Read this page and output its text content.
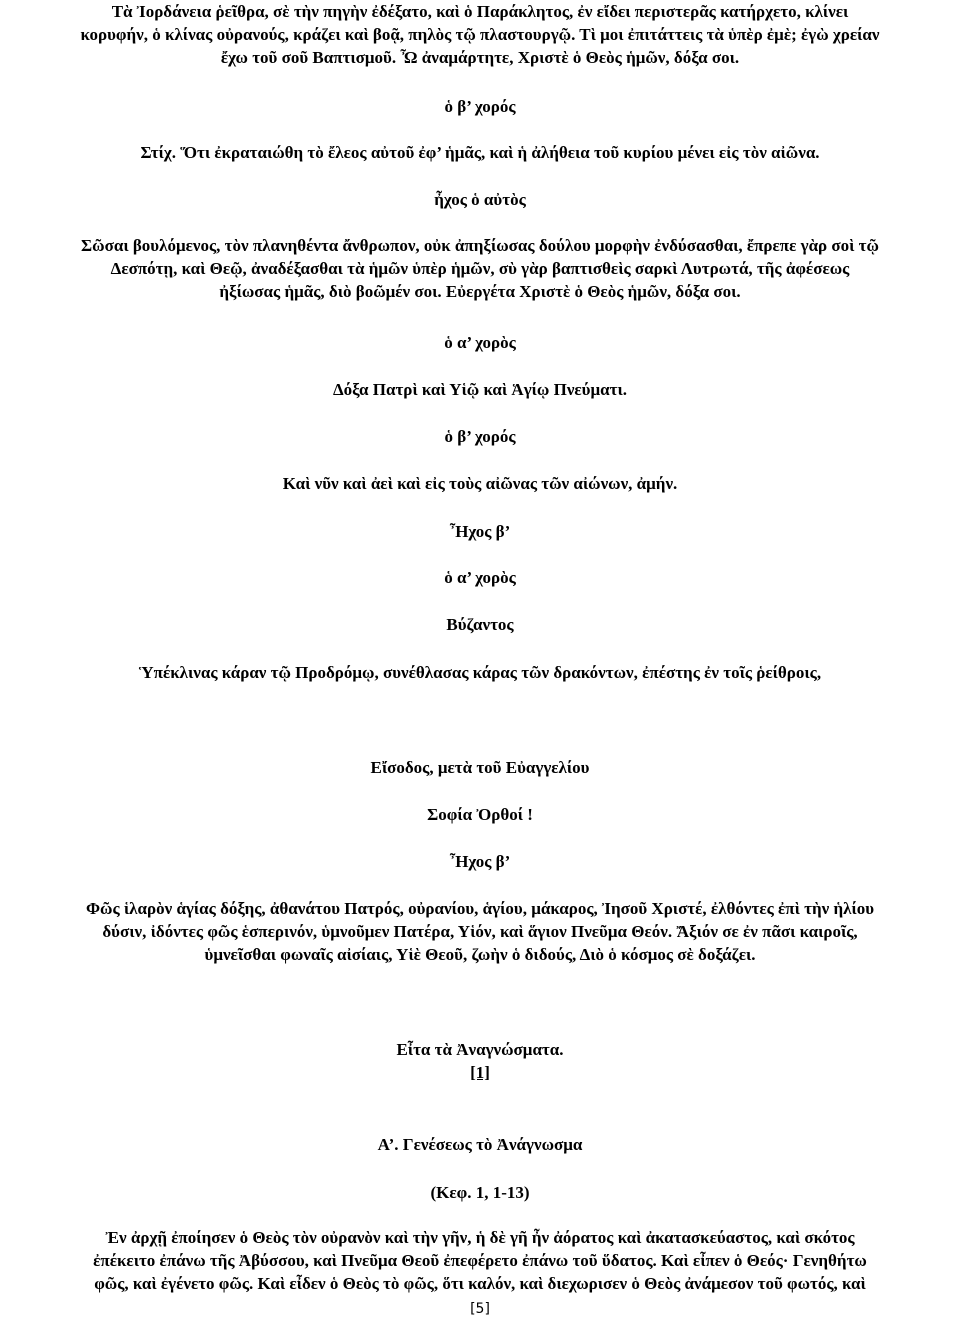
Τὰ Ἰορδάνεια ῥεῖθρα, σὲ τὴν πηγὴν ἐδέξατο, καὶ ὁ Παράκλητος, ἐν εἴδει περιστερᾶς κατήρχετο, κλίνει
κορυφήν, ὁ κλίνας οὐρανούς, κράζει καὶ βοᾷ, πηλὸς τῷ πλαστουργῷ. Τὶ μοι ἐπιτάττεις τὰ ὑπὲρ ἐμὲ; ἐγὼ χρείαν
ἔχω τοῦ σοῦ Βαπτισμοῦ. Ὦ ἀναμάρτητε, Χριστὲ ὁ Θεὸς ἡμῶν, δόξα σοι.
ὁ β’ χορός
Στίχ. Ὅτι ἐκραταιώθη τὸ ἔλεος αὐτοῦ ἐφ’ ἡμᾶς, καὶ ἡ ἀλήθεια τοῦ κυρίου μένει εἰς τὸν αἰῶνα.
ἦχος ὁ αὐτὸς
Σῶσαι βουλόμενος, τὸν πλανηθέντα ἄνθρωπον, οὐκ ἀπηξίωσας δούλου μορφὴν ἐνδύσασθαι, ἔπρεπε γὰρ σοὶ τῷ
Δεσπότῃ, καὶ Θεῷ, ἀναδέξασθαι τὰ ἡμῶν ὑπὲρ ἡμῶν, σὺ γὰρ βαπτισθεὶς σαρκὶ Λυτρωτά, τῆς ἀφέσεως
ἠξίωσας ἡμᾶς, διὸ βοῶμέν σοι. Εὐεργέτα Χριστὲ ὁ Θεὸς ἡμῶν, δόξα σοι.
ὁ α’ χορὸς
Δόξα Πατρὶ καὶ Υἱῷ καὶ Ἁγίῳ Πνεύματι.
ὁ β’ χορός
Καὶ νῦν καὶ ἀεὶ καὶ εἰς τοὺς αἰῶνας τῶν αἰώνων, ἀμήν.
Ἦχος β’
ὁ α’ χορὸς
Βύζαντος
Ὑπέκλινας κάραν τῷ Προδρόμῳ, συνέθλασας κάρας τῶν δρακόντων, ἐπέστης ἐν τοῖς ῥείθροις,
Εἴσοδος, μετὰ τοῦ Εὐαγγελίου
Σοφία Ὀρθοί !
Ἦχος β’
Φῶς ἱλαρὸν ἁγίας δόξης, ἀθανάτου Πατρός, οὐρανίου, ἁγίου, μάκαρος, Ἰησοῦ Χριστέ, ἐλθόντες ἐπὶ τὴν ἡλίου
δύσιν, ἰδόντες φῶς ἑσπερινόν, ὑμνοῦμεν Πατέρα, Υἱόν, καὶ ἅγιον Πνεῦμα Θεόν. Ἄξιόν σε ἐν πᾶσι καιροῖς,
ὑμνεῖσθαι φωναῖς αἰσίαις, Υἱὲ Θεοῦ, ζωὴν ὁ διδούς, Διὸ ὁ κόσμος σὲ δοξάζει.
Εἶτα τὰ Ἀναγνώσματα.
[1]
Α’. Γενέσεως τὸ Ἀνάγνωσμα
(Κεφ. 1, 1-13)
Ἐν ἀρχῇ ἐποίησεν ὁ Θεὸς τὸν οὐρανὸν καὶ τὴν γῆν, ἡ δὲ γῆ ἦν ἀόρατος καὶ ἀκατασκεύαστος, καὶ σκότος
ἐπέκειτο ἐπάνω τῆς Ἀβύσσου, καὶ Πνεῦμα Θεοῦ ἐπεφέρετο ἐπάνω τοῦ ὕδατος. Καὶ εἶπεν ὁ Θεός· Γενηθήτω
φῶς, καὶ ἐγένετο φῶς. Καὶ εἶδεν ὁ Θεὸς τὸ φῶς, ὅτι καλόν, καὶ διεχωρισεν ὁ Θεὸς ἀνάμεσον τοῦ φωτός, καὶ
[5]
